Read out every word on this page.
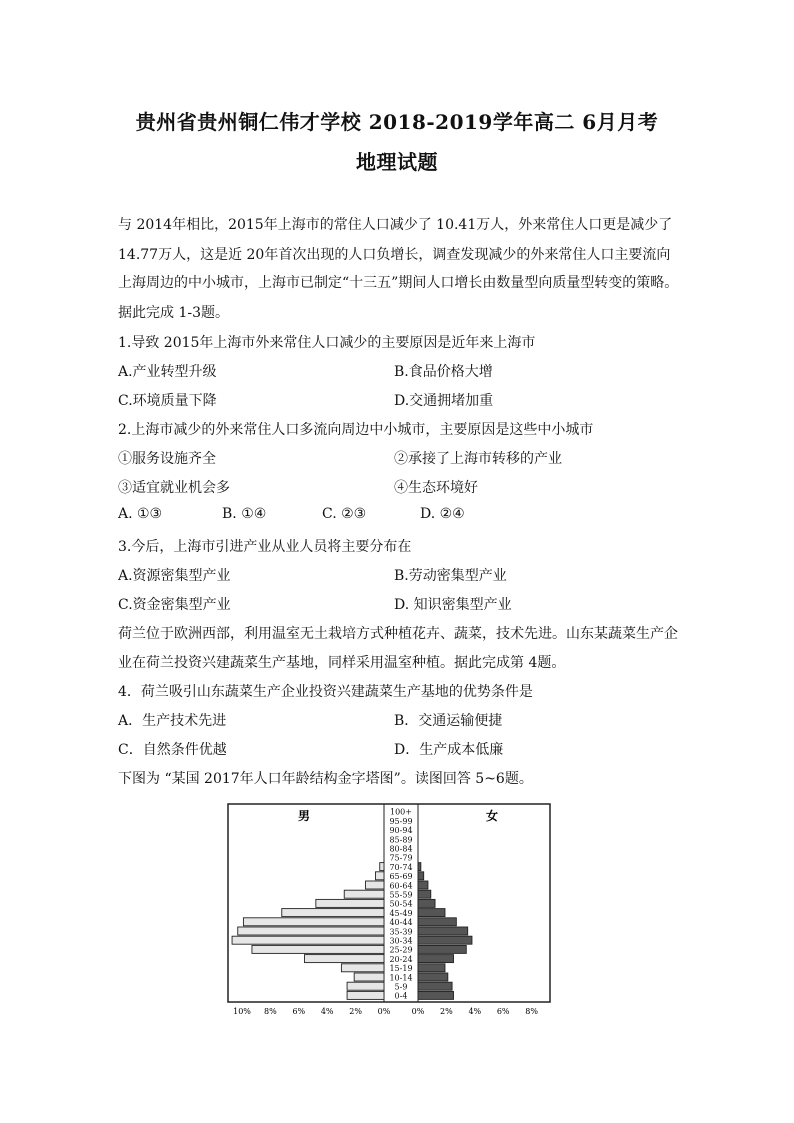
贵州省贵州铜仁伟才学校 2018-2019学年高二 6月月考
地理试题
与 2014年相比，2015年上海市的常住人口减少了 10.41万人，外来常住人口更是减少了
14.77万人，这是近 20年首次出现的人口负增长，调查发现减少的外来常住人口主要流向
上海周边的中小城市，上海市已制定“十三五”期间人口增长由数量型向质量型转变的策略。
据此完成 1-3题。
1.导致 2015年上海市外来常住人口减少的主要原因是近年来上海市
A.产业转型升级	B.食品价格大增
C.环境质量下降	D.交通拥堵加重
2.上海市减少的外来常住人口多流向周边中小城市，主要原因是这些中小城市
①服务设施齐全	②承接了上海市转移的产业
③适宜就业机会多	④生态环境好
A. ①③	B. ①④	C. ②③	D. ②④
3.今后，上海市引进产业从业人员将主要分布在
A.资源密集型产业	B.劳动密集型产业
C.资金密集型产业	D. 知识密集型产业
荷兰位于欧洲西部，利用温室无土栽培方式种植花卉、蔬菜，技术先进。山东某蔬菜生产企
业在荷兰投资兴建蔬菜生产基地，同样采用温室种植。据此完成第 4题。
4．荷兰吸引山东蔬菜生产企业投资兴建蔬菜生产基地的优势条件是
A．生产技术先进	B．交通运输便捷
C．自然条件优越	D．生产成本低廉
下图为 “某国 2017年人口年龄结构金字塔图”。读图回答 5~6题。
男	女
0-4
5-9
10-14
15-19
20-24
25-29
30-34
35-39
40-44
45-49
50-54
55-59
60-64
65-69
70-74
75-79
80-84
85-89
90-94
95-99
100+
10% 8% 6% 4% 2% 0%	0% 2% 4% 6% 8%
